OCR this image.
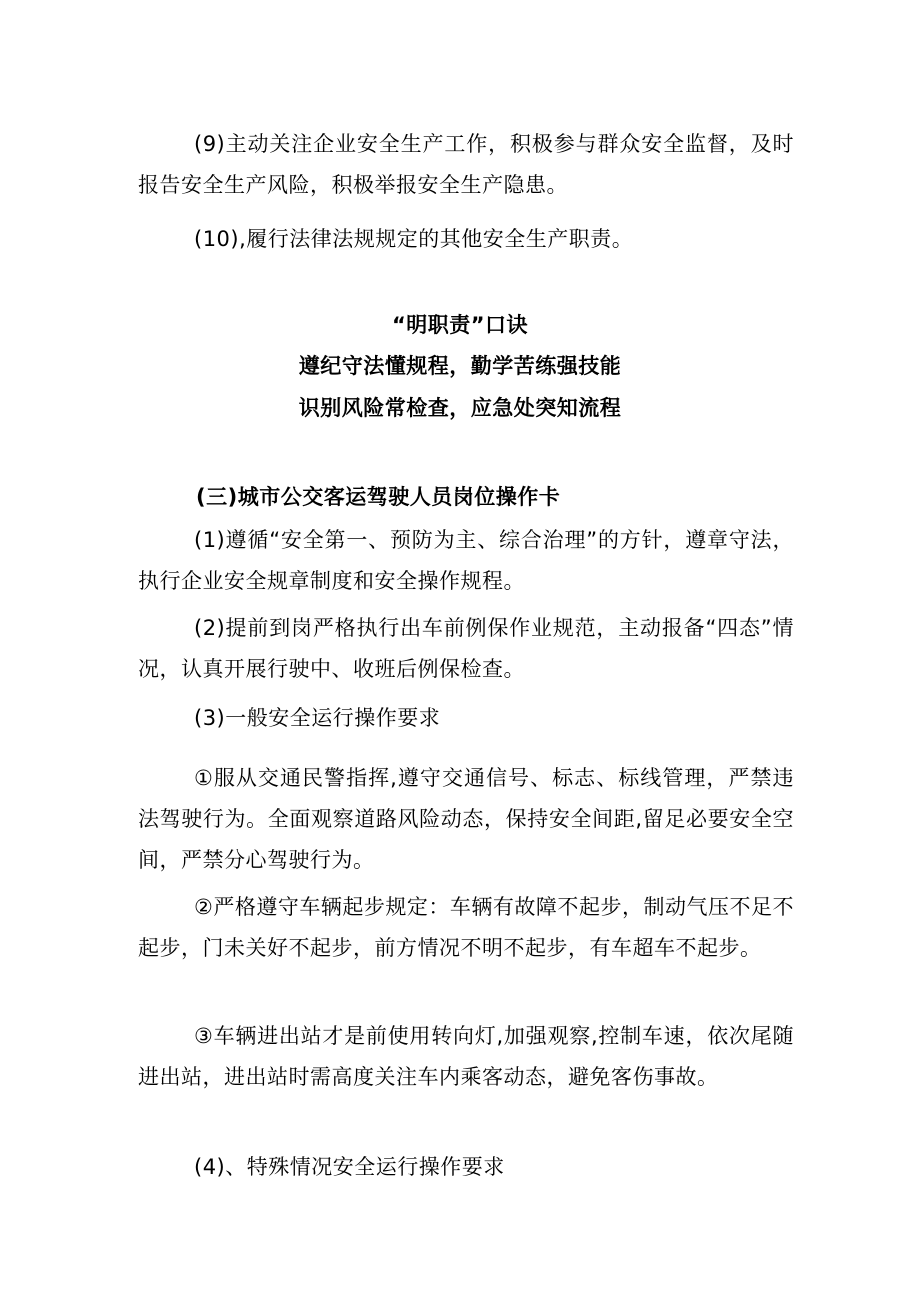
(9)主动关注企业安全生产工作，积极参与群众安全监督，及时报告安全生产风险，积极举报安全生产隐患。

(10),履行法律法规规定的其他安全生产职责。

“明职责”口诀

遵纪守法懂规程，勤学苦练强技能

识别风险常检查，应急处突知流程

(三)城市公交客运驾驶人员岗位操作卡

(1)遵循“安全第一、预防为主、综合治理”的方针，遵章守法，执行企业安全规章制度和安全操作规程。

(2)提前到岗严格执行出车前例保作业规范，主动报备“四态”情况，认真开展行驶中、收班后例保检查。

(3)一般安全运行操作要求

①服从交通民警指挥,遵守交通信号、标志、标线管理，严禁违法驾驶行为。全面观察道路风险动态，保持安全间距,留足必要安全空间，严禁分心驾驶行为。

②严格遵守车辆起步规定：车辆有故障不起步，制动气压不足不起步，门未关好不起步，前方情况不明不起步，有车超车不起步。

③车辆进出站才是前使用转向灯,加强观察,控制车速，依次尾随进出站，进出站时需高度关注车内乘客动态，避免客伤事故。

(4)、特殊情况安全运行操作要求
